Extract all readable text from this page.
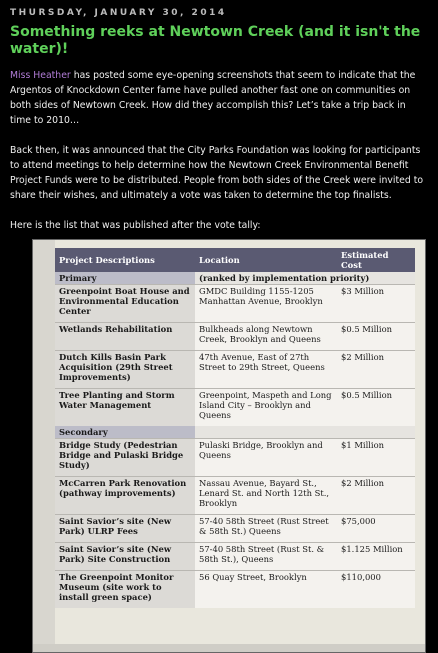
THURSDAY, JANUARY 30, 2014
Something reeks at Newtown Creek (and it isn't the water)!

Miss Heather has posted some eye-opening screenshots that seem to indicate that the Argentos of Knockdown Center fame have pulled another fast one on communities on both sides of Newtown Creek. How did they accomplish this? Let’s take a trip back in time to 2010…

Back then, it was announced that the City Parks Foundation was looking for participants to attend meetings to help determine how the Newtown Creek Environmental Benefit Project Funds were to be distributed. People from both sides of the Creek were invited to share their wishes, and ultimately a vote was taken to determine the top finalists.

Here is the list that was published after the vote tally:

Project Descriptions	Location	Estimated Cost
Primary	(ranked by implementation priority)	
Greenpoint Boat House and Environmental Education Center	GMDC Building 1155-1205 Manhattan Avenue, Brooklyn	$3 Million
Wetlands Rehabilitation	Bulkheads along Newtown Creek, Brooklyn and Queens	$0.5 Million
Dutch Kills Basin Park Acquisition (29th Street Improvements)	47th Avenue, East of 27th Street to 29th Street, Queens	$2 Million
Tree Planting and Storm Water Management	Greenpoint, Maspeth and Long Island City – Brooklyn and Queens	$0.5 Million
Secondary		
Bridge Study (Pedestrian Bridge and Pulaski Bridge Study)	Pulaski Bridge, Brooklyn and Queens	$1 Million
McCarren Park Renovation (pathway improvements)	Nassau Avenue, Bayard St., Lenard St. and North 12th St., Brooklyn	$2 Million
Saint Savior’s site (New Park) ULRP Fees	57-40 58th Street (Rust Street & 58th St.) Queens	$75,000
Saint Savior’s site (New Park) Site Construction	57-40 58th Street (Rust St. & 58th St.), Queens	$1.125 Million
The Greenpoint Monitor Museum (site work to install green space)	56 Quay Street, Brooklyn	$110,000
